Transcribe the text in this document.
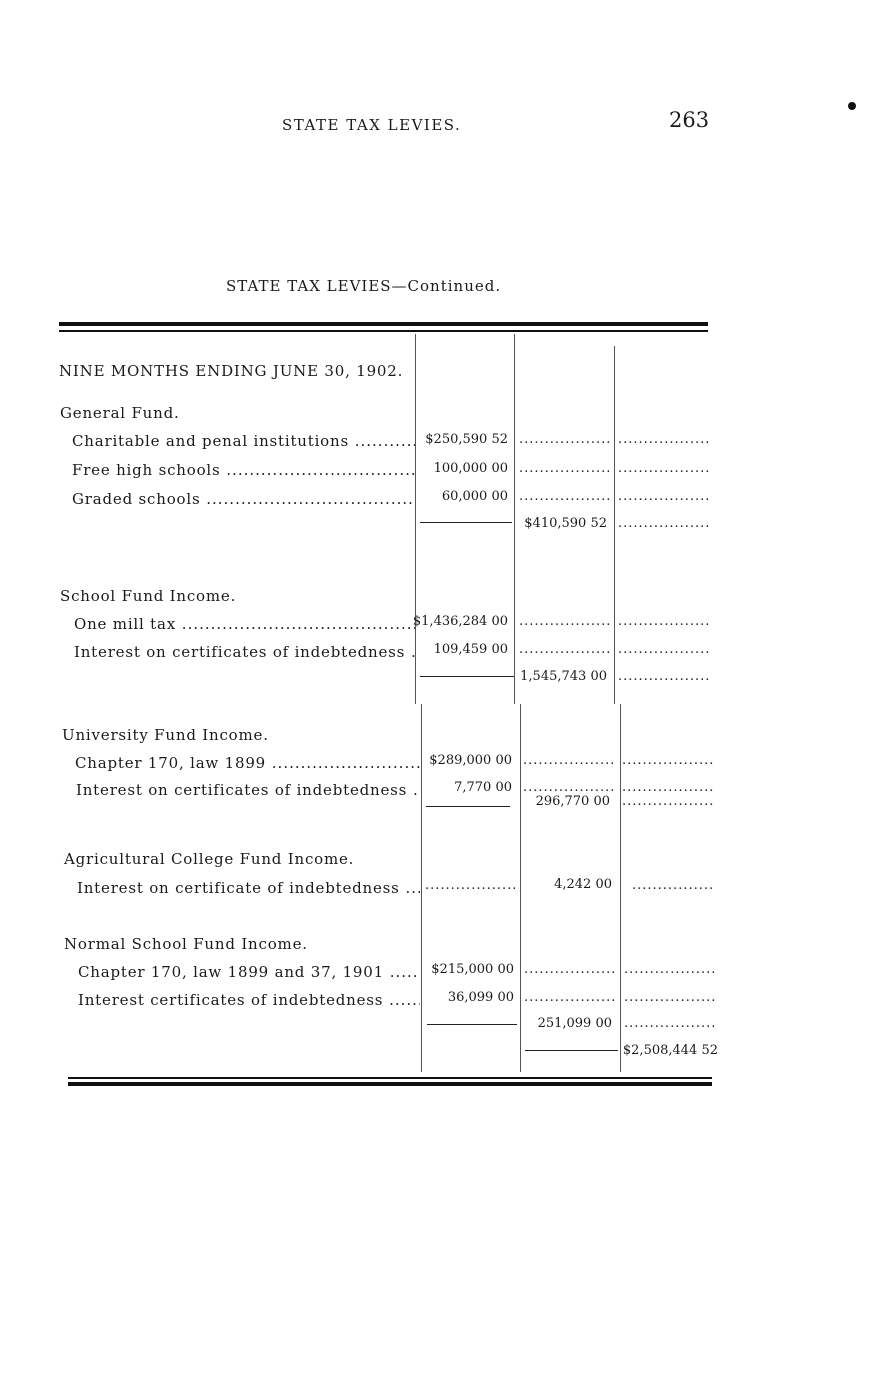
STATE TAX LEVIES.	263
STATE TAX LEVIES—Continued.
NINE MONTHS ENDING JUNE 30, 1902.
General Fund.
Charitable and penal institutions .....	$250,590 52
.....
.....
Free high schools .....	100,000 00
.....
.....
Graded schools .....	60,000 00
.....
.....
$410,590 52
.....
School Fund Income.
One mill tax .....	$1,436,284 00
.....
.....
Interest on certificates of indebtedness .....	109,459 00
.....
.....
1,545,743 00
.....
University Fund Income.
Chapter 170, law 1899 .....	$289,000 00
.....
.....
Interest on certificates of indebtedness .....	7,770 00
.....
.....
296,770 00
.....
Agricultural College Fund Income.
Interest on certificate of indebtedness .....
.....	4,242 00
.....
Normal School Fund Income.
Chapter 170, law 1899 and 37, 1901 .....	$215,000 00
.....
.....
Interest certificates of indebtedness .....	36,099 00
.....
.....
251,099 00
.....
$2,508,444 52
